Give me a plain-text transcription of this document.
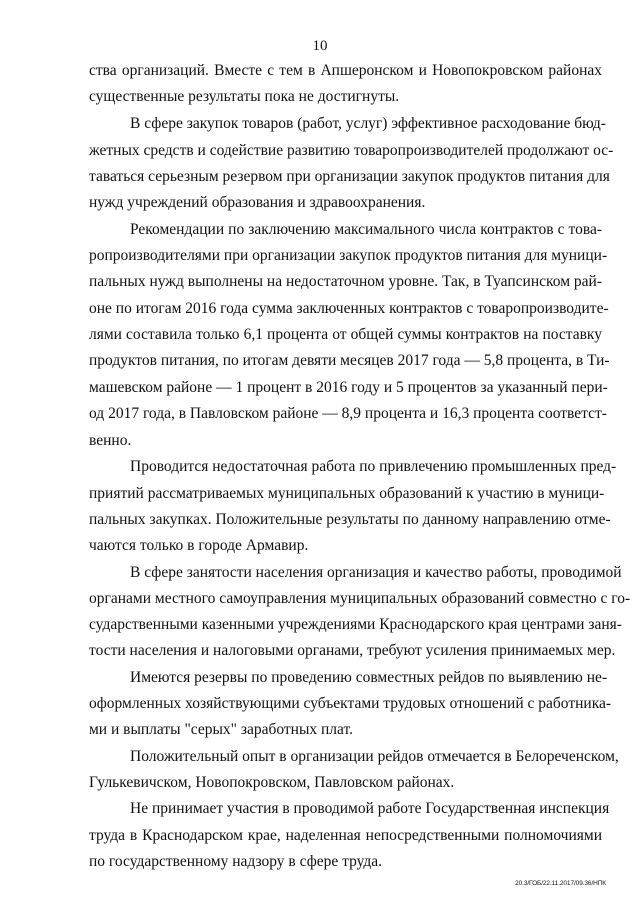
10
ства организаций. Вместе с тем в Апшеронском и Новопокровском районах
существенные результаты пока не достигнуты.
В сфере закупок товаров (работ, услуг) эффективное расходование бюд-
жетных средств и содействие развитию товаропроизводителей продолжают ос-
таваться серьезным резервом при организации закупок продуктов питания для
нужд учреждений образования и здравоохранения.
Рекомендации по заключению максимального числа контрактов с това-
ропроизводителями при организации закупок продуктов питания для муници-
пальных нужд выполнены на недостаточном уровне. Так, в Туапсинском рай-
оне по итогам 2016 года сумма заключенных контрактов с товаропроизводите-
лями составила только 6,1 процента от общей суммы контрактов на поставку
продуктов питания, по итогам девяти месяцев 2017 года — 5,8 процента, в Ти-
машевском районе — 1 процент в 2016 году и 5 процентов за указанный пери-
од 2017 года, в Павловском районе — 8,9 процента и 16,3 процента соответст-
венно.
Проводится недостаточная работа по привлечению промышленных пред-
приятий рассматриваемых муниципальных образований к участию в муници-
пальных закупках. Положительные результаты по данному направлению отме-
чаются только в городе Армавир.
В сфере занятости населения организация и качество работы, проводимой
органами местного самоуправления муниципальных образований совместно с го-
сударственными казенными учреждениями Краснодарского края центрами заня-
тости населения и налоговыми органами, требуют усиления принимаемых мер.
Имеются резервы по проведению совместных рейдов по выявлению не-
оформленных хозяйствующими субъектами трудовых отношений с работника-
ми и выплаты "серых" заработных плат.
Положительный опыт в организации рейдов отмечается в Белореченском,
Гулькевичском, Новопокровском, Павловском районах.
Не принимает участия в проводимой работе Государственная инспекция
труда в Краснодарском крае, наделенная непосредственными полномочиями
по государственному надзору в сфере труда.
20.3/ГОБ/22.11.2017/09.36/НПК
